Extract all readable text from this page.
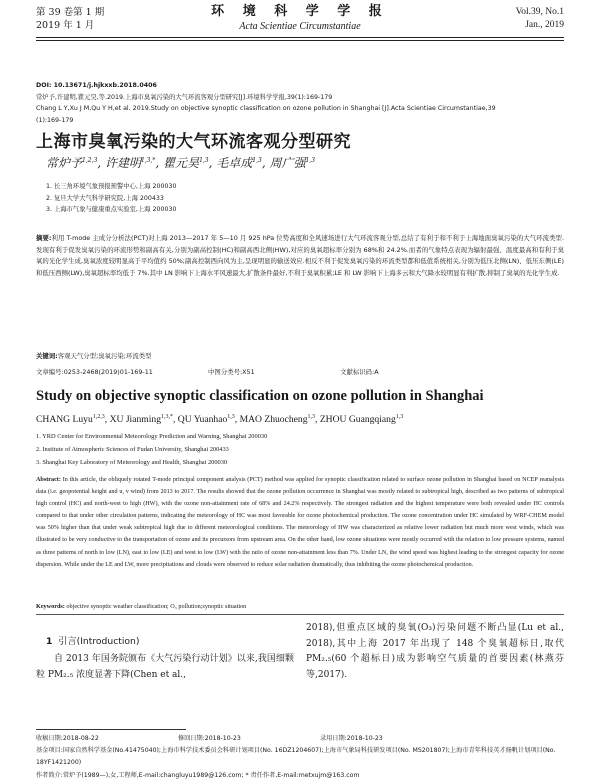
第 39 卷第 1 期
2019 年 1 月
环 境 科 学 学 报
Acta Scientiae Circumstantiae
Vol.39, No.1
Jan., 2019
DOI: 10.13671/j.hjkxxb.2018.0406
常炉予,许建明,瞿元昊,等.2019.上海市臭氧污染的大气环流客观分型研究[J].环境科学学报,39(1):169-179
Chang L Y,Xu J M,Qu Y H,et al. 2019.Study on objective synoptic classification on ozone pollution in Shanghai [J].Acta Scientiae Circumstantiae,39
(1):169-179
上海市臭氧污染的大气环流客观分型研究
常炉予$^{1,2,3}$, 许建明$^{1,3,*}$, 瞿元昊$^{1,3}$, 毛卓成$^{1,3}$, 周广强$^{1,3}$
1. 长三角环境气象预报预警中心,上海 200030
2. 复旦大学大气科学研究院,上海 200433
3. 上海市气象与健康重点实验室,上海 200030
摘要:利用 T-mode 主成分分析法(PCT)对上海 2013—2017 年 5—10 月 925 hPa 位势高度和全风速场进行大气环流客观分型,总结了有利于和不利于上海地面臭氧污染的大气环流类型.发现有利于促发臭氧污染的环流形势和副高有关,分别为副高控制(HC)和副高西北侧(HW),对应的臭氧超标率分别为 68%和 24.2%.而者的气象特点表现为辐射最强、温度最高和有利于臭氧的光化学生成,臭氧浓度较明显高于平均值约 50%;副高控制西向风为主,呈现明显的输送效应.相反不利于促发臭氧污染的环流类型都和低值系统相关,分别为低压北侧(LN)、低压东侧(LE)和低压西侧(LW),臭氧超标率均低于 7%.其中 LN 影响下上海水平风速最大,扩散条件最好,不利于臭氧积累;LE 和 LW 影响下上海多云和大气降水较明显有利扩散,抑制了臭氧的光化学生成.
关键词:客观天气分型;臭氧污染;环流类型
文章编号:0253-2468(2019)01-169-11	中图分类号:X51	文献标识码:A
Study on objective synoptic classification on ozone pollution in Shanghai
CHANG Luyu$^{1,2,3}$, XU Jianming$^{1,3,*}$, QU Yuanhao$^{1,3}$, MAO Zhuocheng$^{1,3}$, ZHOU Guangqiang$^{1,3}$
1. YRD Center for Environmental Meteorology Prediction and Warning, Shanghai 200030
2. Institute of Atmospheric Sciences of Fudan University, Shanghai 200433
3. Shanghai Key Laboratory of Meteorology and Health, Shanghai 200030
Abstract: In this article, the obliquely rotated T-mode principal component analysis (PCT) method was applied for synoptic classification related to surface ozone pollution in Shanghai based on NCEP reanalysis data (i.e. geopotential height and u, v wind) from 2013 to 2017. The results showed that the ozone pollution occurrence in Shanghai was mostly related to subtropical high, described as two patterns of subtropical high control (HC) and north-west to high (HW), with the ozone non-attainment rate of 68% and 24.2% respectively. The strongest radiation and the highest temperature were both revealed under HC controls compared to that under other circulation patterns, indicating the meteorology of HC was most favorable for ozone photochemical production. The ozone concentration under HC simulated by WRF-CHEM model was 50% higher than that under weak subtropical high due to different meteorological conditions. The meteorology of HW was characterized as relative lower radiation but much more west winds, which was illustrated to be very conductive to the transportation of ozone and its precursors from upstream area. On the other hand, low ozone situations were mostly occurred with the relation to low pressure systems, named as three patterns of north to low (LN), east to low (LE) and west to low (LW) with the ratio of ozone non-attainment less than 7%. Under LN, the wind speed was highest leading to the strongest capacity for ozone dispersion. While under the LE and LW, more precipitations and clouds were observed to reduce solar radiation dramatically, thus inhibiting the ozone photochemical production.
Keywords: objective synoptic weather classification; O₃ pollution;synoptic situation
1 引言(Introduction)
自 2013 年国务院颁布《大气污染行动计划》以来,我国细颗粒 PM₂.₅ 浓度显著下降(Chen et al.,
2018),但重点区域的臭氧(O₃)污染问题不断凸显(Lu et al., 2018),其中上海 2017 年出现了 148 个臭氧超标日,取代 PM₂.₅(60 个超标日)成为影响空气质量的首要因素(林燕芬等,2017).
收稿日期:2018-08-22	修回日期:2018-10-23	录用日期:2018-10-23
基金项目:国家自然科学基金(No.41475040);上海市科学技术委员会科研计划项目(No. 16DZ1204607);上海市气象局科技研发项目(No. MS201807);上海市青年科技英才扬帆计划项目(No. 18YF1421200)
作者简介:常炉予(1989—),女,工程师,E-mail:changluyu1989@126.com; * 责任作者,E-mail:metxujm@163.com
